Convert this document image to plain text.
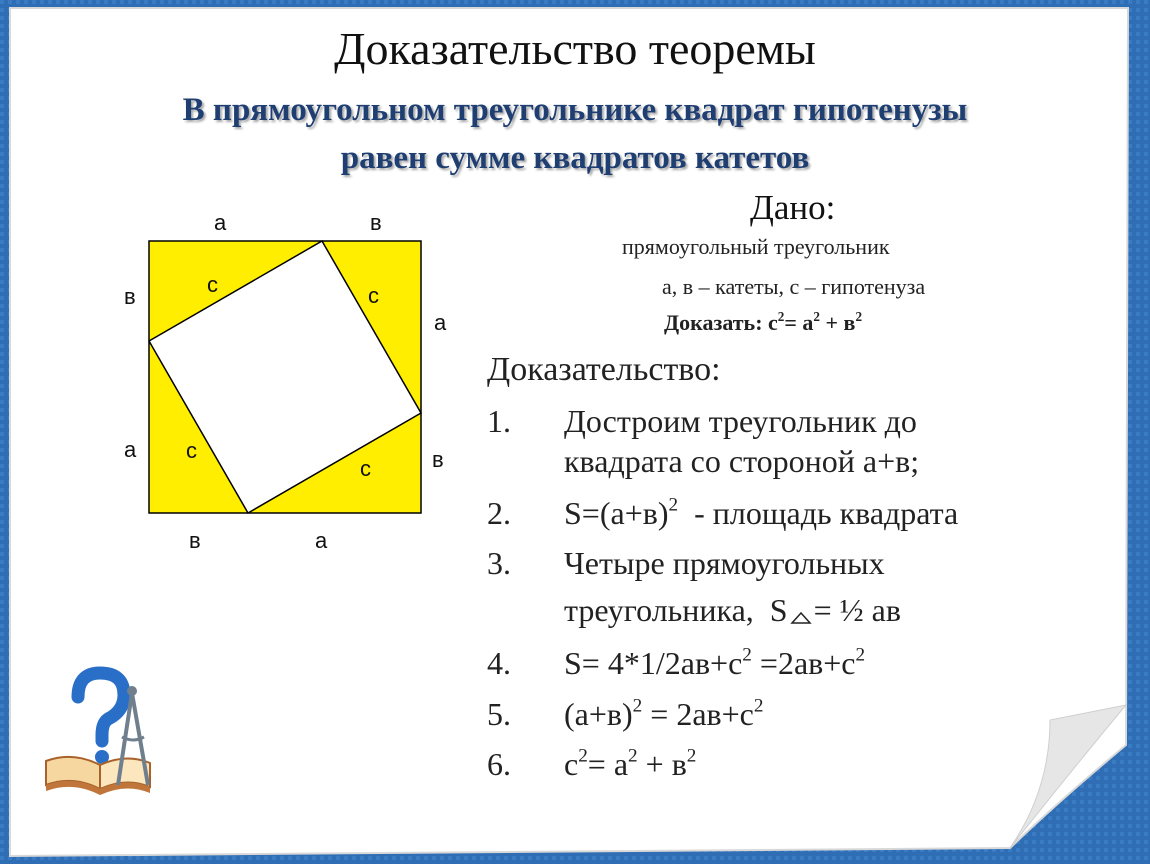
Доказательство теоремы
В прямоугольном треугольнике квадрат гипотенузы
равен сумме квадратов катетов
а	в
в
а
а
в
в	а
с	с
с
с
Дано:
прямоугольный треугольник
а, в – катеты, с – гипотенуза
Доказать: $с^2= а^2 + в^2$
Доказательство:
1. Достроим треугольник до
квадрата со стороной а+в;
2. $S=(а+в)^2$  - площадь квадрата
3. Четыре прямоугольных
треугольника,  S = ½ ав
4. $S= 4*1/2ав+с^2 =2ав+с^2$
5. $(а+в)^2 = 2ав+с^2$
6. $с^2= а^2 + в^2$
